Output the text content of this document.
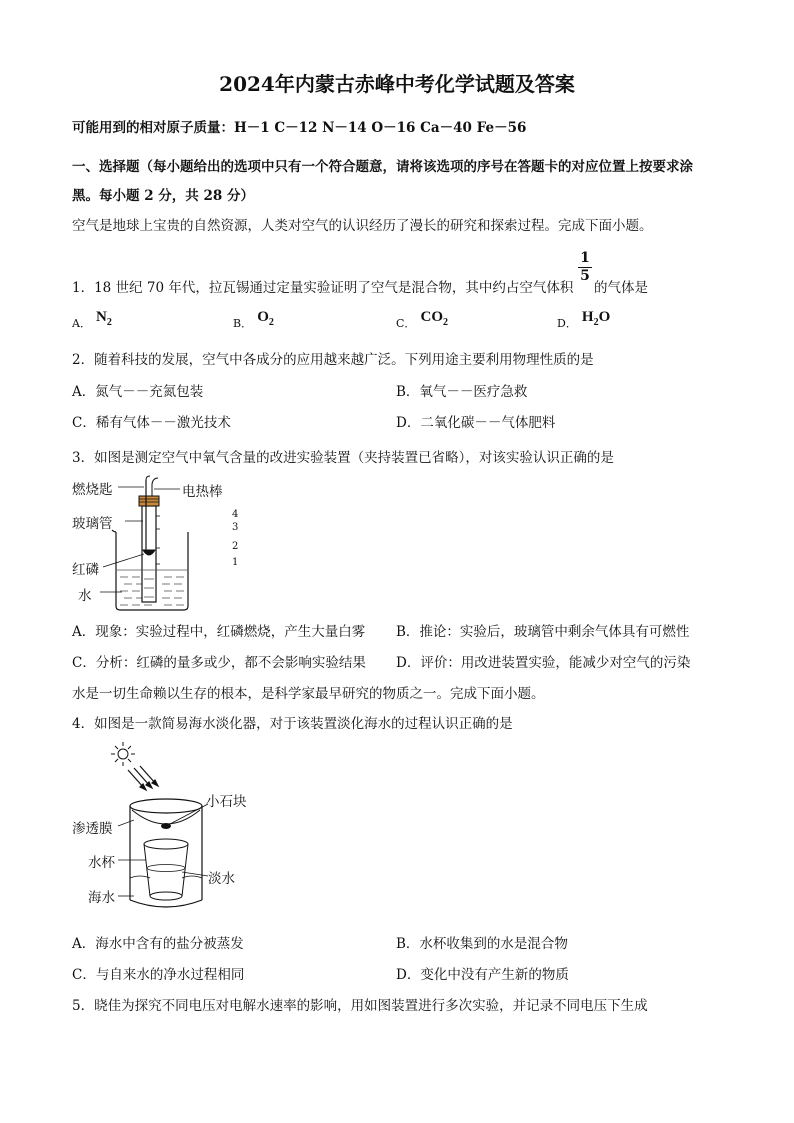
2024年内蒙古赤峰中考化学试题及答案
可能用到的相对原子质量：H－1 C－12 N－14 O－16 Ca－40 Fe－56
一、选择题（每小题给出的选项中只有一个符合题意，请将该选项的序号在答题卡的对应位置上按要求涂
黑。每小题 2 分，共 28 分）
空气是地球上宝贵的自然资源，人类对空气的认识经历了漫长的研究和探索过程。完成下面小题。
1．18 世纪 70 年代，拉瓦锡通过定量实验证明了空气是混合物，其中约占空气体积
$\frac{1}{5}$
的气体是
A． $N_2$	B． $O_2$	C． $CO_2$	D． $H_2O$
2．随着科技的发展，空气中各成分的应用越来越广泛。下列用途主要利用物理性质的是
A．氮气－－充氮包装	B．氧气－－医疗急救
C．稀有气体－－激光技术	D．二氧化碳－－气体肥料
3．如图是测定空气中氧气含量的改进实验装置（夹持装置已省略），对该实验认识正确的是
燃烧匙	电热棒
玻璃管
红磷
水
4
3
2
1
A．现象：实验过程中，红磷燃烧，产生大量白雾 B．推论：实验后，玻璃管中剩余气体具有可燃性
C．分析：红磷的量多或少，都不会影响实验结果 D．评价：用改进装置实验，能减少对空气的污染
水是一切生命赖以生存的根本，是科学家最早研究的物质之一。完成下面小题。
4．如图是一款简易海水淡化器，对于该装置淡化海水的过程认识正确的是
小石块
渗透膜
水杯
淡水
海水
A．海水中含有的盐分被蒸发	B．水杯收集到的水是混合物
C．与自来水的净水过程相同	D．变化中没有产生新的物质
5．晓佳为探究不同电压对电解水速率的影响，用如图装置进行多次实验，并记录不同电压下生成
